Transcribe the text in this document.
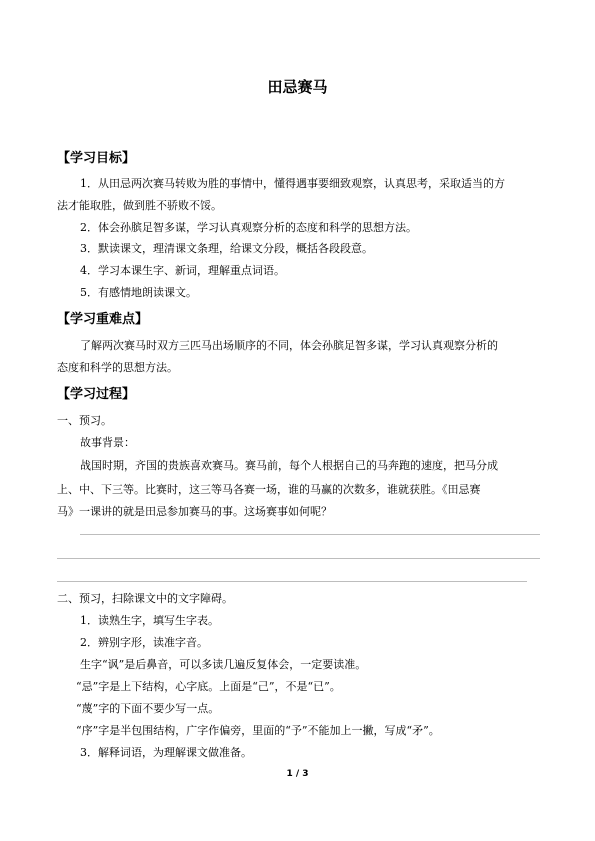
田忌赛马
【学习目标】
1．从田忌两次赛马转败为胜的事情中，懂得遇事要细致观察，认真思考，采取适当的方
法才能取胜，做到胜不骄败不馁。
2．体会孙膑足智多谋，学习认真观察分析的态度和科学的思想方法。
3．默读课文，理清课文条理，给课文分段，概括各段段意。
4．学习本课生字、新词，理解重点词语。
5．有感情地朗读课文。
【学习重难点】
了解两次赛马时双方三匹马出场顺序的不同，体会孙膑足智多谋，学习认真观察分析的
态度和科学的思想方法。
【学习过程】
一、预习。
故事背景：
战国时期，齐国的贵族喜欢赛马。赛马前，每个人根据自己的马奔跑的速度，把马分成
上、中、下三等。比赛时，这三等马各赛一场，谁的马赢的次数多，谁就获胜。《田忌赛
马》一课讲的就是田忌参加赛马的事。这场赛事如何呢？
二、预习，扫除课文中的文字障碍。
1．读熟生字，填写生字表。
2．辨别字形，读准字音。
生字“讽”是后鼻音，可以多读几遍反复体会，一定要读准。
“忌”字是上下结构，心字底。上面是“己”，不是“已”。
“蔑”字的下面不要少写一点。
“序”字是半包围结构，广字作偏旁，里面的“予”不能加上一撇，写成“矛”。
3．解释词语，为理解课文做准备。
1 / 3
